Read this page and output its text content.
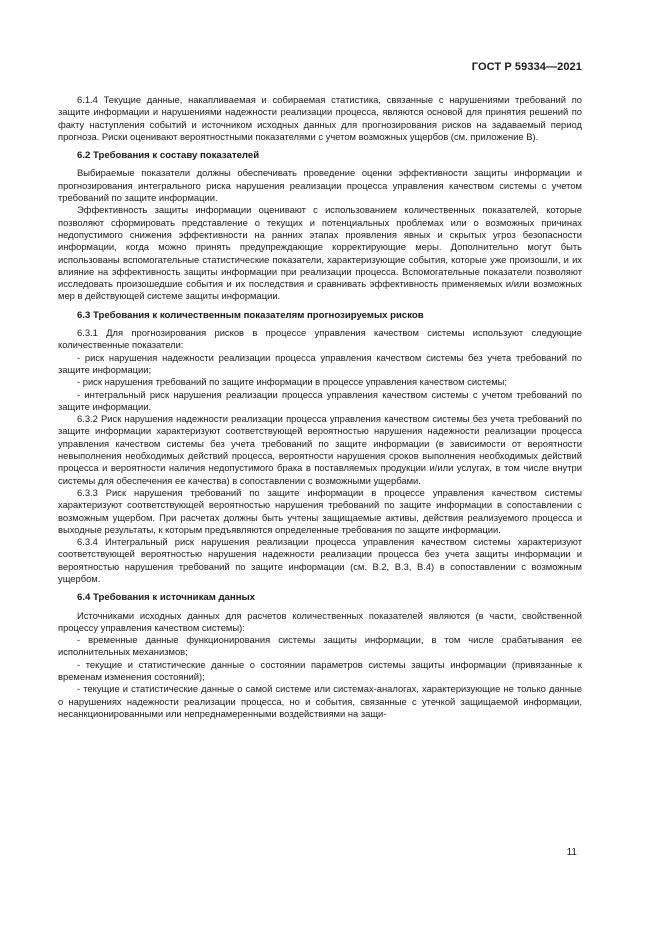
ГОСТ Р 59334—2021

6.1.4 Текущие данные, накапливаемая и собираемая статистика, связанные с нарушениями требований по защите информации и нарушениями надежности реализации процесса, являются основой для принятия решений по факту наступления событий и источником исходных данных для прогнозирования рисков на задаваемый период прогноза. Риски оценивают вероятностными показателями с учетом возможных ущербов (см. приложение В).

6.2 Требования к составу показателей

Выбираемые показатели должны обеспечивать проведение оценки эффективности защиты информации и прогнозирования интегрального риска нарушения реализации процесса управления качеством системы с учетом требований по защите информации.

Эффективность защиты информации оценивают с использованием количественных показателей, которые позволяют сформировать представление о текущих и потенциальных проблемах или о возможных причинах недопустимого снижения эффективности на ранних этапах проявления явных и скрытых угроз безопасности информации, когда можно принять предупреждающие корректирующие меры. Дополнительно могут быть использованы вспомогательные статистические показатели, характеризующие события, которые уже произошли, и их влияние на эффективность защиты информации при реализации процесса. Вспомогательные показатели позволяют исследовать произошедшие события и их последствия и сравнивать эффективность применяемых и/или возможных мер в действующей системе защиты информации.

6.3 Требования к количественным показателям прогнозируемых рисков

6.3.1 Для прогнозирования рисков в процессе управления качеством системы используют следующие количественные показатели:

- риск нарушения надежности реализации процесса управления качеством системы без учета требований по защите информации;

- риск нарушения требований по защите информации в процессе управления качеством системы;

- интегральный риск нарушения реализации процесса управления качеством системы с учетом требований по защите информации.

6.3.2 Риск нарушения надежности реализации процесса управления качеством системы без учета требований по защите информации характеризуют соответствующей вероятностью нарушения надежности реализации процесса управления качеством системы без учета требований по защите информации (в зависимости от вероятности невыполнения необходимых действий процесса, вероятности нарушения сроков выполнения необходимых действий процесса и вероятности наличия недопустимого брака в поставляемых продукции и/или услугах, в том числе внутри системы для обеспечения ее качества) в сопоставлении с возможными ущербами.

6.3.3 Риск нарушения требований по защите информации в процессе управления качеством системы характеризуют соответствующей вероятностью нарушения требований по защите информации в сопоставлении с возможным ущербом. При расчетах должны быть учтены защищаемые активы, действия реализуемого процесса и выходные результаты, к которым предъявляются определенные требования по защите информации.

6.3.4 Интегральный риск нарушения реализации процесса управления качеством системы характеризуют соответствующей вероятностью нарушения надежности реализации процесса без учета защиты информации и вероятностью нарушения требований по защите информации (см. В.2, В.3, В.4) в сопоставлении с возможным ущербом.

6.4 Требования к источникам данных

Источниками исходных данных для расчетов количественных показателей являются (в части, свойственной процессу управления качеством системы):

- временные данные функционирования системы защиты информации, в том числе срабатывания ее исполнительных механизмов;

- текущие и статистические данные о состоянии параметров системы защиты информации (привязанные к временам изменения состояний);

- текущие и статистические данные о самой системе или системах-аналогах, характеризующие не только данные о нарушениях надежности реализации процесса, но и события, связанные с утечкой защищаемой информации, несанкционированными или непреднамеренными воздействиями на защи-

11
